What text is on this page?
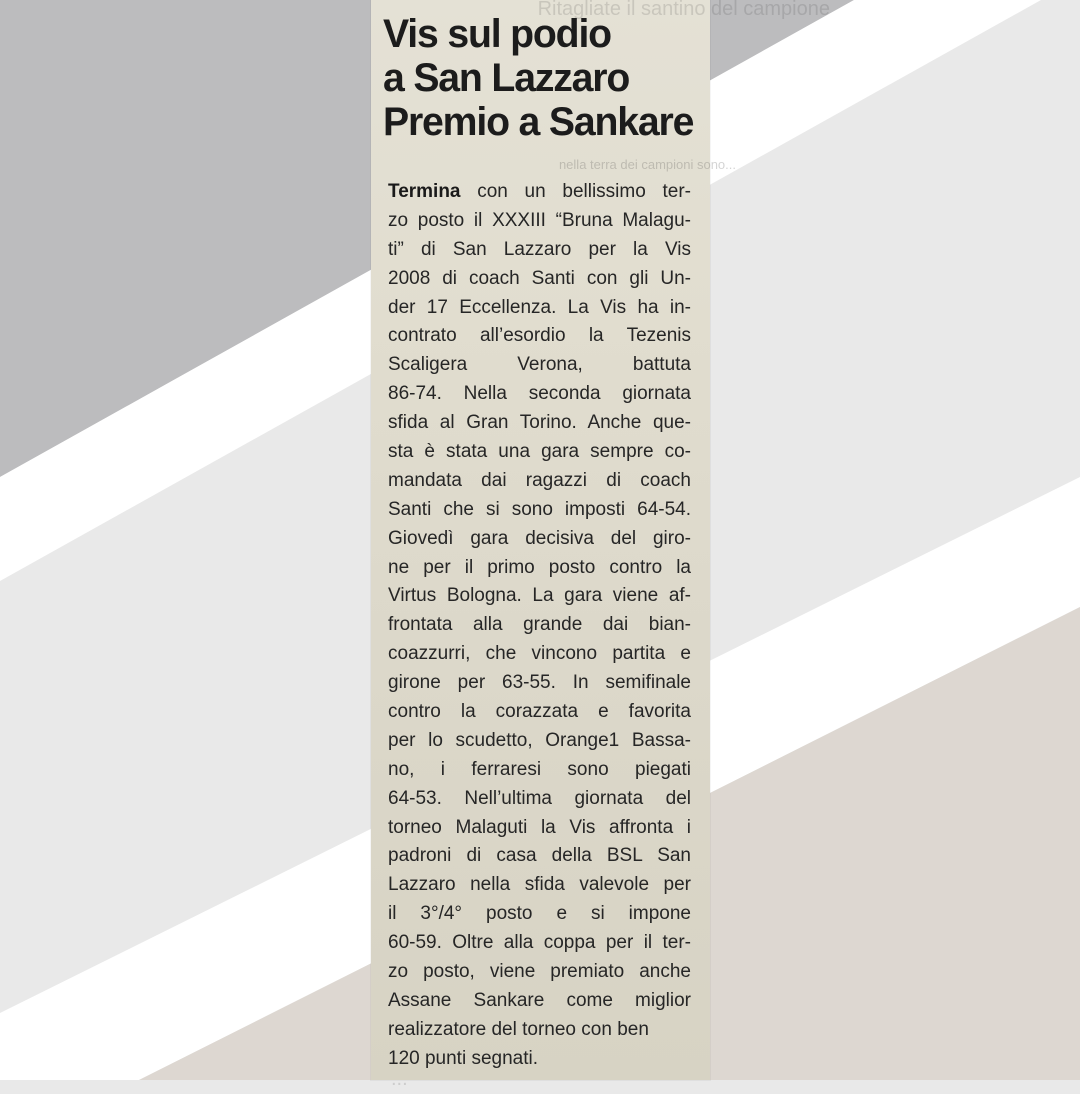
Ritagliate il santino del campione
nella terra dei campioni sono...
Vis sul podio
a San Lazzaro
Premio a Sankare
Termina con un bellissimo ter-
zo posto il XXXIII “Bruna Malagu-
ti” di San Lazzaro per la Vis
2008 di coach Santi con gli Un-
der 17 Eccellenza. La Vis ha in-
contrato all’esordio la Tezenis
Scaligera Verona, battuta
86-74. Nella seconda giornata
sfida al Gran Torino. Anche que-
sta è stata una gara sempre co-
mandata dai ragazzi di coach
Santi che si sono imposti 64-54.
Giovedì gara decisiva del giro-
ne per il primo posto contro la
Virtus Bologna. La gara viene af-
frontata alla grande dai bian-
coazzurri, che vincono partita e
girone per 63-55. In semifinale
contro la corazzata e favorita
per lo scudetto, Orange1 Bassa-
no, i ferraresi sono piegati
64-53. Nell’ultima giornata del
torneo Malaguti la Vis affronta i
padroni di casa della BSL San
Lazzaro nella sfida valevole per
il 3°/4° posto e si impone
60-59. Oltre alla coppa per il ter-
zo posto, viene premiato anche
Assane Sankare come miglior
realizzatore del torneo con ben
120 punti segnati.
...
